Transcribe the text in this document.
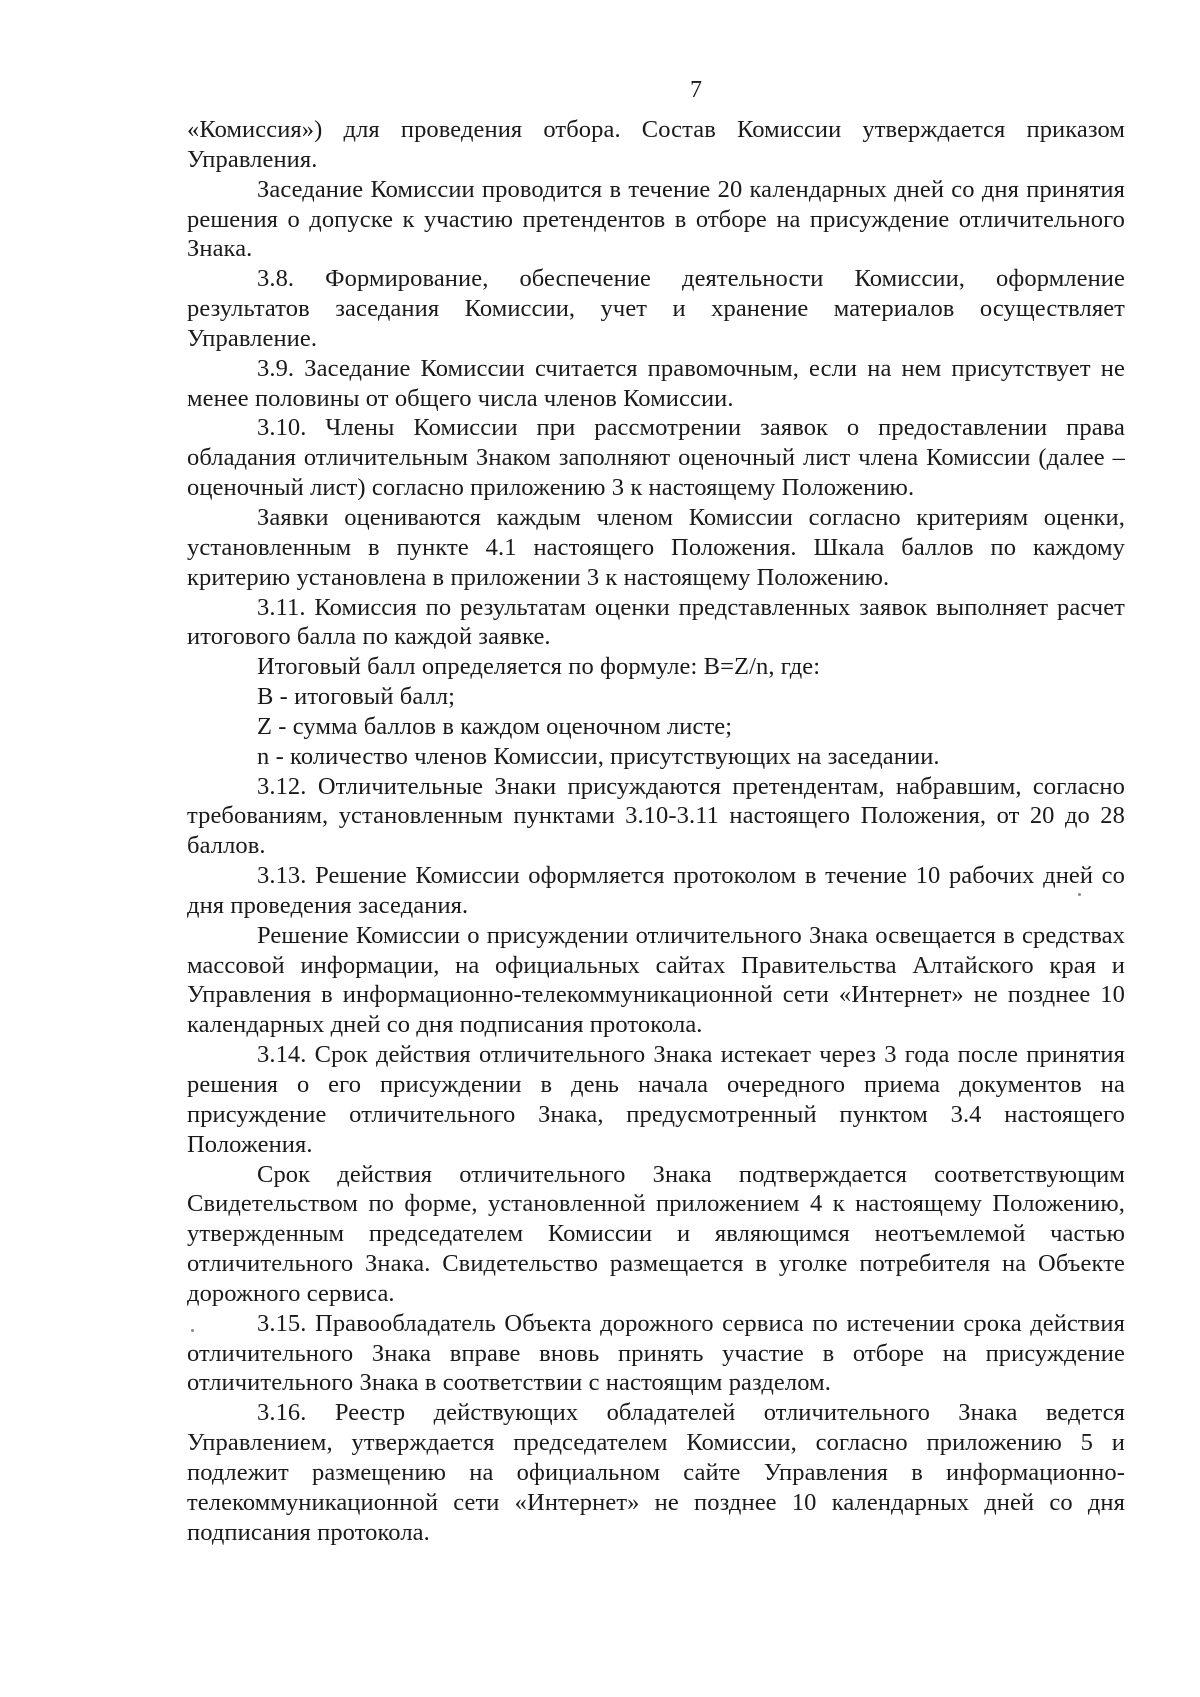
7

«Комиссия») для проведения отбора. Состав Комиссии утверждается приказом Управления.

Заседание Комиссии проводится в течение 20 календарных дней со дня принятия решения о допуске к участию претендентов в отборе на присуждение отличительного Знака.

3.8. Формирование, обеспечение деятельности Комиссии, оформление результатов заседания Комиссии, учет и хранение материалов осуществляет Управление.

3.9. Заседание Комиссии считается правомочным, если на нем присутствует не менее половины от общего числа членов Комиссии.

3.10. Члены Комиссии при рассмотрении заявок о предоставлении права обладания отличительным Знаком заполняют оценочный лист члена Комиссии (далее – оценочный лист) согласно приложению 3 к настоящему Положению.

Заявки оцениваются каждым членом Комиссии согласно критериям оценки, установленным в пункте 4.1 настоящего Положения. Шкала баллов по каждому критерию установлена в приложении 3 к настоящему Положению.

3.11. Комиссия по результатам оценки представленных заявок выполняет расчет итогового балла по каждой заявке.

Итоговый балл определяется по формуле: B=Z/n, где:

B - итоговый балл;

Z - сумма баллов в каждом оценочном листе;

n - количество членов Комиссии, присутствующих на заседании.

3.12. Отличительные Знаки присуждаются претендентам, набравшим, согласно требованиям, установленным пунктами 3.10-3.11 настоящего Положения, от 20 до 28 баллов.

3.13. Решение Комиссии оформляется протоколом в течение 10 рабочих дней со дня проведения заседания.

Решение Комиссии о присуждении отличительного Знака освещается в средствах массовой информации, на официальных сайтах Правительства Алтайского края и Управления в информационно-телекоммуникационной сети «Интернет» не позднее 10 календарных дней со дня подписания протокола.

3.14. Срок действия отличительного Знака истекает через 3 года после принятия решения о его присуждении в день начала очередного приема документов на присуждение отличительного Знака, предусмотренный пунктом 3.4 настоящего Положения.

Срок действия отличительного Знака подтверждается соответствующим Свидетельством по форме, установленной приложением 4 к настоящему Положению, утвержденным председателем Комиссии и являющимся неотъемлемой частью отличительного Знака. Свидетельство размещается в уголке потребителя на Объекте дорожного сервиса.

3.15. Правообладатель Объекта дорожного сервиса по истечении срока действия отличительного Знака вправе вновь принять участие в отборе на присуждение отличительного Знака в соответствии с настоящим разделом.

3.16. Реестр действующих обладателей отличительного Знака ведется Управлением, утверждается председателем Комиссии, согласно приложению 5 и подлежит размещению на официальном сайте Управления в информационно-телекоммуникационной сети «Интернет» не позднее 10 календарных дней со дня подписания протокола.
